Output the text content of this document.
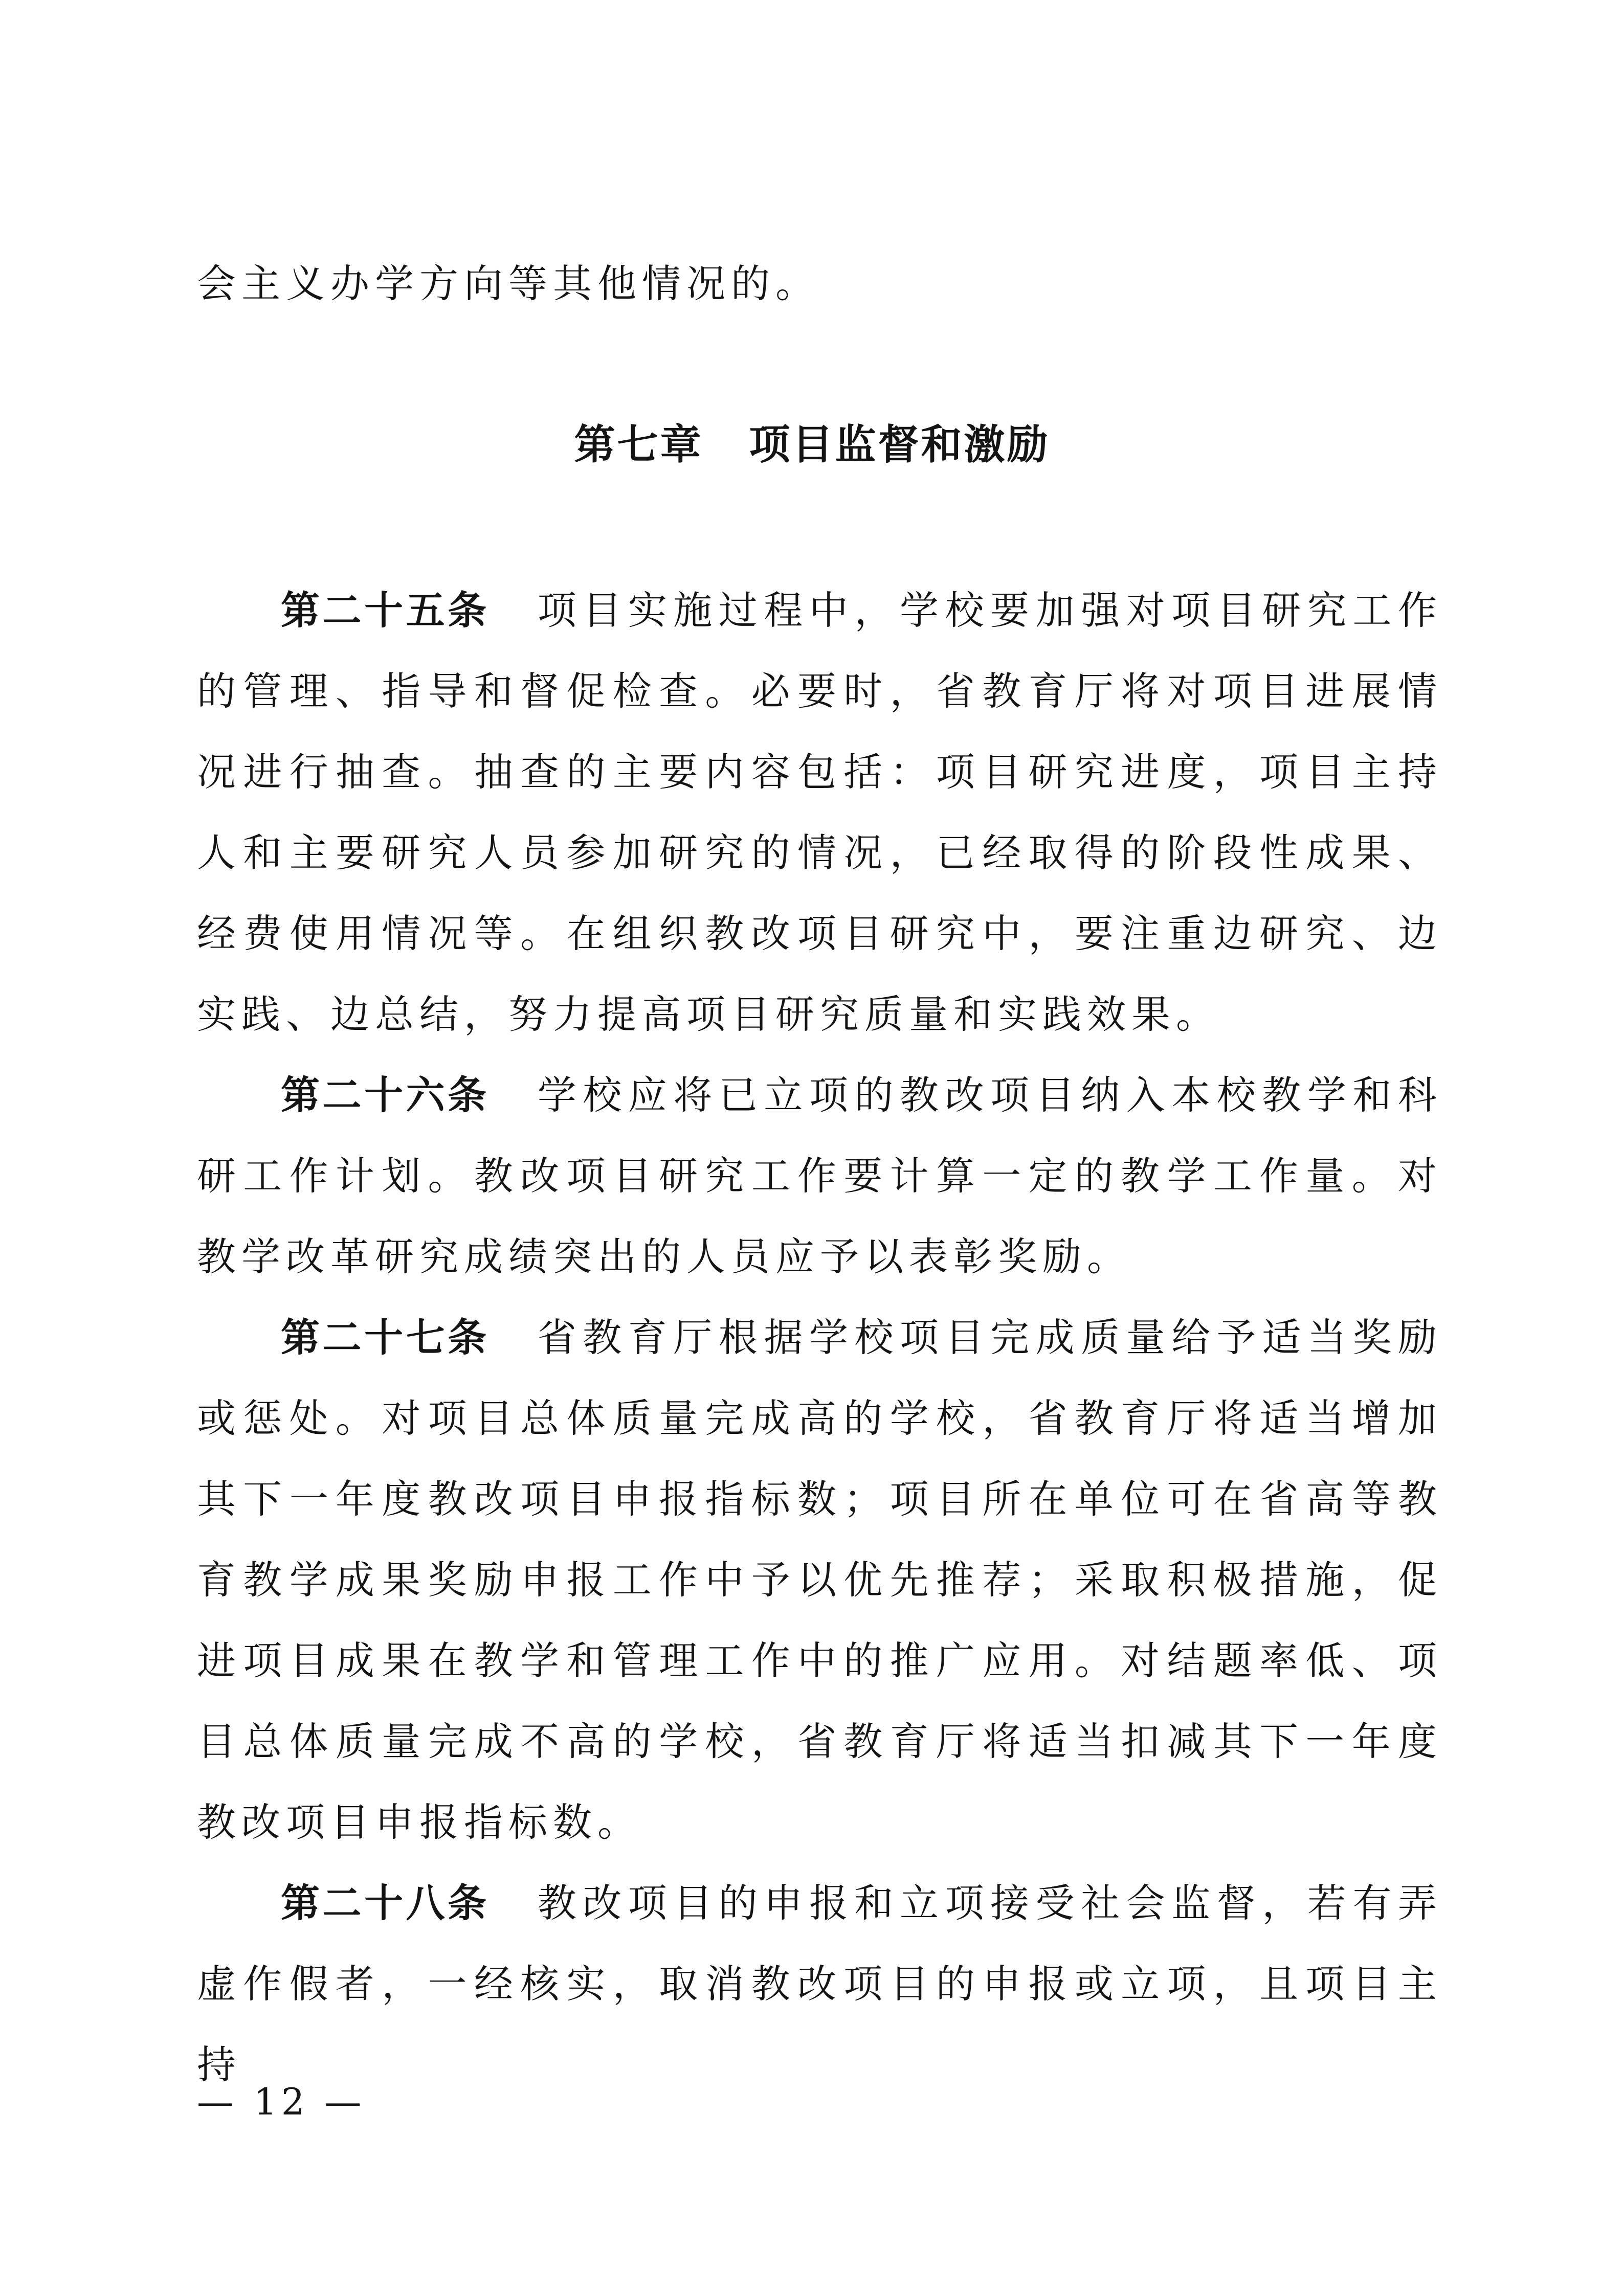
会主义办学方向等其他情况的。
第七章 项目监督和激励

第二十五条 项目实施过程中，学校要加强对项目研究工作的管理、指导和督促检查。必要时，省教育厅将对项目进展情况进行抽查。抽查的主要内容包括：项目研究进度，项目主持人和主要研究人员参加研究的情况，已经取得的阶段性成果、经费使用情况等。在组织教改项目研究中，要注重边研究、边实践、边总结，努力提高项目研究质量和实践效果。

第二十六条 学校应将已立项的教改项目纳入本校教学和科研工作计划。教改项目研究工作要计算一定的教学工作量。对教学改革研究成绩突出的人员应予以表彰奖励。

第二十七条 省教育厅根据学校项目完成质量给予适当奖励或惩处。对项目总体质量完成高的学校，省教育厅将适当增加其下一年度教改项目申报指标数；项目所在单位可在省高等教育教学成果奖励申报工作中予以优先推荐；采取积极措施，促进项目成果在教学和管理工作中的推广应用。对结题率低、项目总体质量完成不高的学校，省教育厅将适当扣减其下一年度教改项目申报指标数。

第二十八条 教改项目的申报和立项接受社会监督，若有弄虚作假者，一经核实，取消教改项目的申报或立项，且项目主持

— 12 —
